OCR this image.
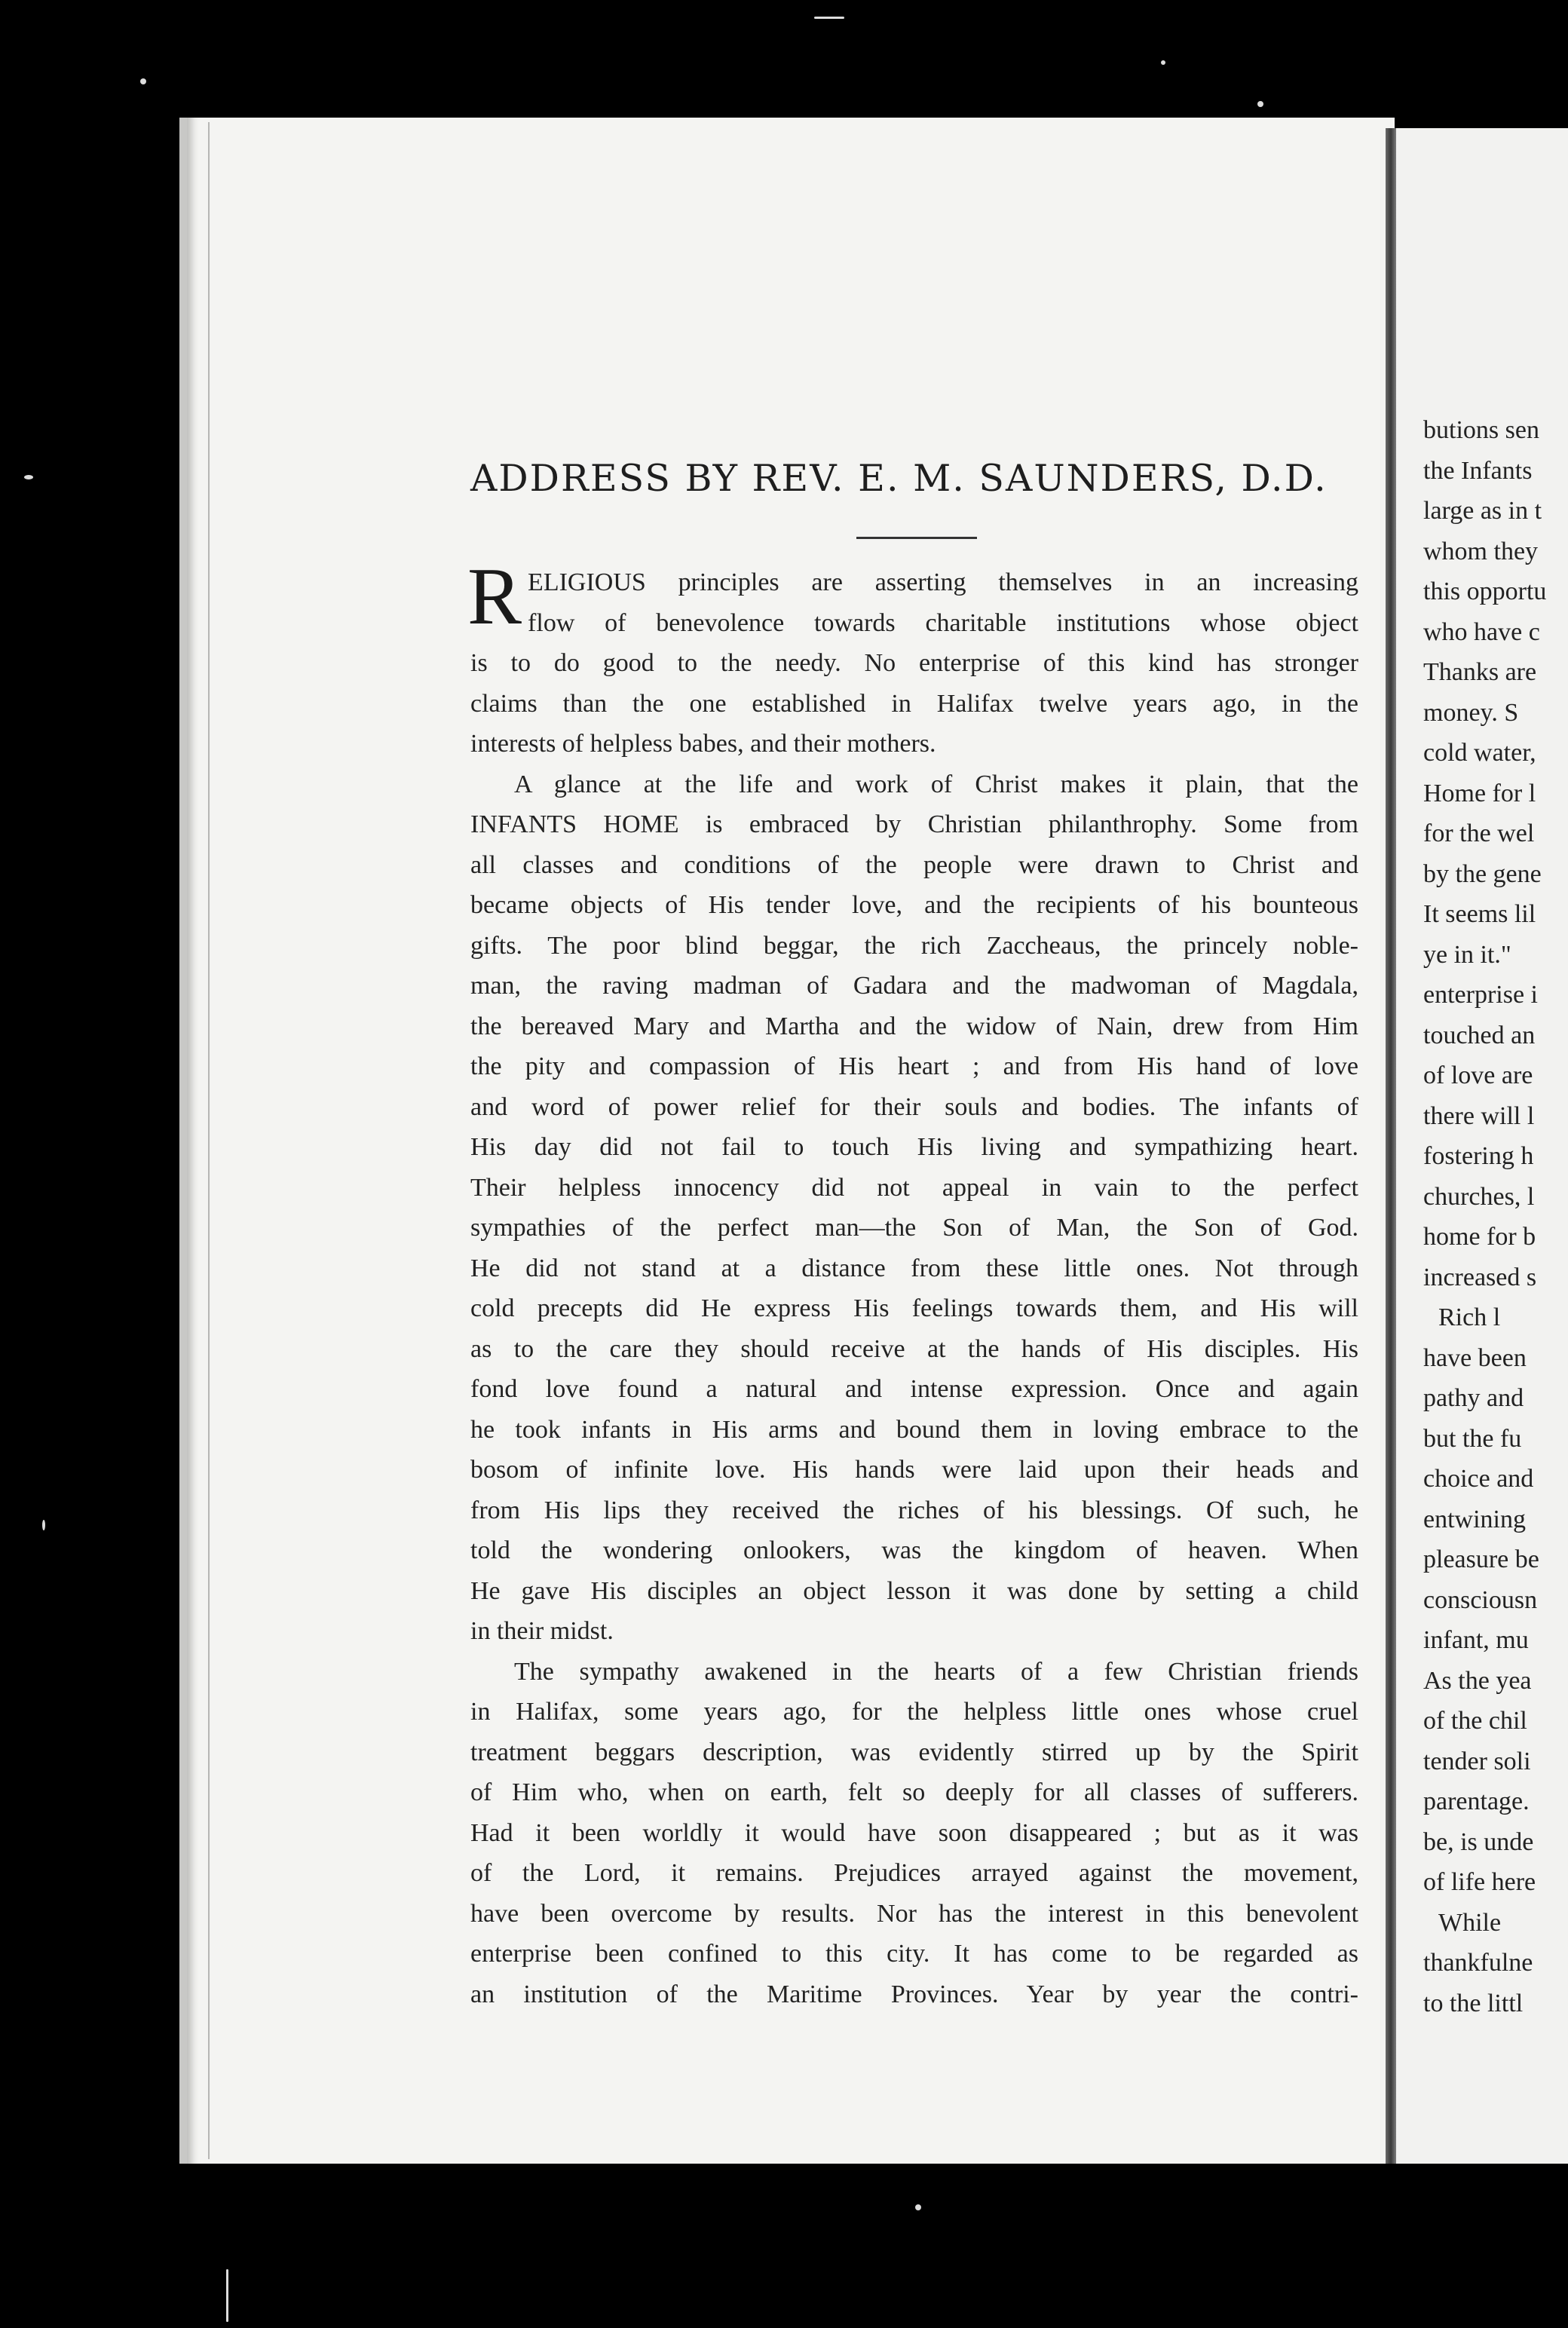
butions sen
the Infants
large as in t
whom they
this opportu
who have c
Thanks are
money. S
cold water,
Home for l
for the wel
by the gene
It seems lil
ye in it."
enterprise i
touched an
of love are
there will l
fostering h
churches, l
home for b
increased s
Rich l
have been
pathy and
but the fu
choice and
entwining
pleasure be
consciousn
infant, mu
As the yea
of the chil
tender soli
parentage.
be, is unde
of life here
While
thankfulne
to the littl
ADDRESS BY REV. E. M. SAUNDERS, D.D.
R ELIGIOUS principles are asserting themselves in an increasing
flow of benevolence towards charitable institutions whose object
is to do good to the needy. No enterprise of this kind has stronger
claims than the one established in Halifax twelve years ago, in the
interests of helpless babes, and their mothers.
A glance at the life and work of Christ makes it plain, that the
INFANTS HOME is embraced by Christian philanthrophy. Some from
all classes and conditions of the people were drawn to Christ and
became objects of His tender love, and the recipients of his bounteous
gifts. The poor blind beggar, the rich Zaccheaus, the princely noble-
man, the raving madman of Gadara and the madwoman of Magdala,
the bereaved Mary and Martha and the widow of Nain, drew from Him
the pity and compassion of His heart ; and from His hand of love
and word of power relief for their souls and bodies. The infants of
His day did not fail to touch His living and sympathizing heart.
Their helpless innocency did not appeal in vain to the perfect
sympathies of the perfect man—the Son of Man, the Son of God.
He did not stand at a distance from these little ones. Not through
cold precepts did He express His feelings towards them, and His will
as to the care they should receive at the hands of His disciples. His
fond love found a natural and intense expression. Once and again
he took infants in His arms and bound them in loving embrace to the
bosom of infinite love. His hands were laid upon their heads and
from His lips they received the riches of his blessings. Of such, he
told the wondering onlookers, was the kingdom of heaven. When
He gave His disciples an object lesson it was done by setting a child
in their midst.
The sympathy awakened in the hearts of a few Christian friends
in Halifax, some years ago, for the helpless little ones whose cruel
treatment beggars description, was evidently stirred up by the Spirit
of Him who, when on earth, felt so deeply for all classes of sufferers.
Had it been worldly it would have soon disappeared ; but as it was
of the Lord, it remains. Prejudices arrayed against the movement,
have been overcome by results. Nor has the interest in this benevolent
enterprise been confined to this city. It has come to be regarded as
an institution of the Maritime Provinces. Year by year the contri-
